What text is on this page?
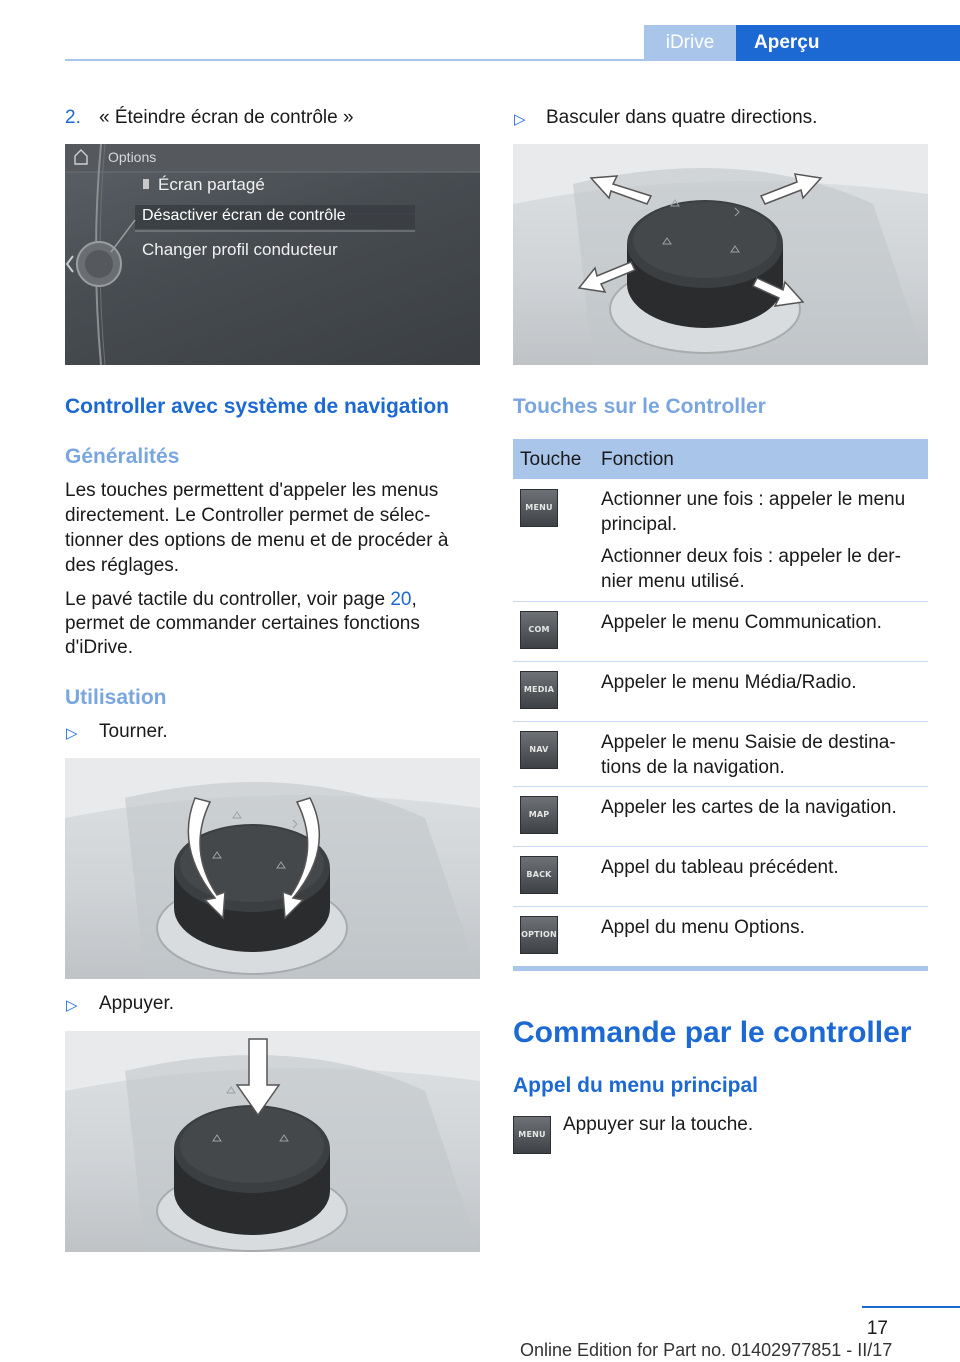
iDrive	Aperçu
2. « Éteindre écran de contrôle »
Options
Écran partagé
Désactiver écran de contrôle
Changer profil conducteur
Controller avec système de navigation
Généralités
Les touches permettent d'appeler les menus
directement. Le Controller permet de sélec‐
tionner des options de menu et de procéder à
des réglages.
Le pavé tactile du controller, voir page 20,
permet de commander certaines fonctions
d'iDrive.
Utilisation
▷ Tourner.
▷ Appuyer.
▷ Basculer dans quatre directions.
Touches sur le Controller
Touche Fonction
MENU	Actionner une fois : appeler le menu
principal.
Actionner deux fois : appeler le der‐
nier menu utilisé.
COM	Appeler le menu Communication.
MEDIA Appeler le menu Média/Radio.
NAV	Appeler le menu Saisie de destina‐
tions de la navigation.
MAP	Appeler les cartes de la navigation.
BACK	Appel du tableau précédent.
OPTION Appel du menu Options.
Commande par le controller
Appel du menu principal
MENU Appuyer sur la touche.
17
Online Edition for Part no. 01402977851 - II/17
